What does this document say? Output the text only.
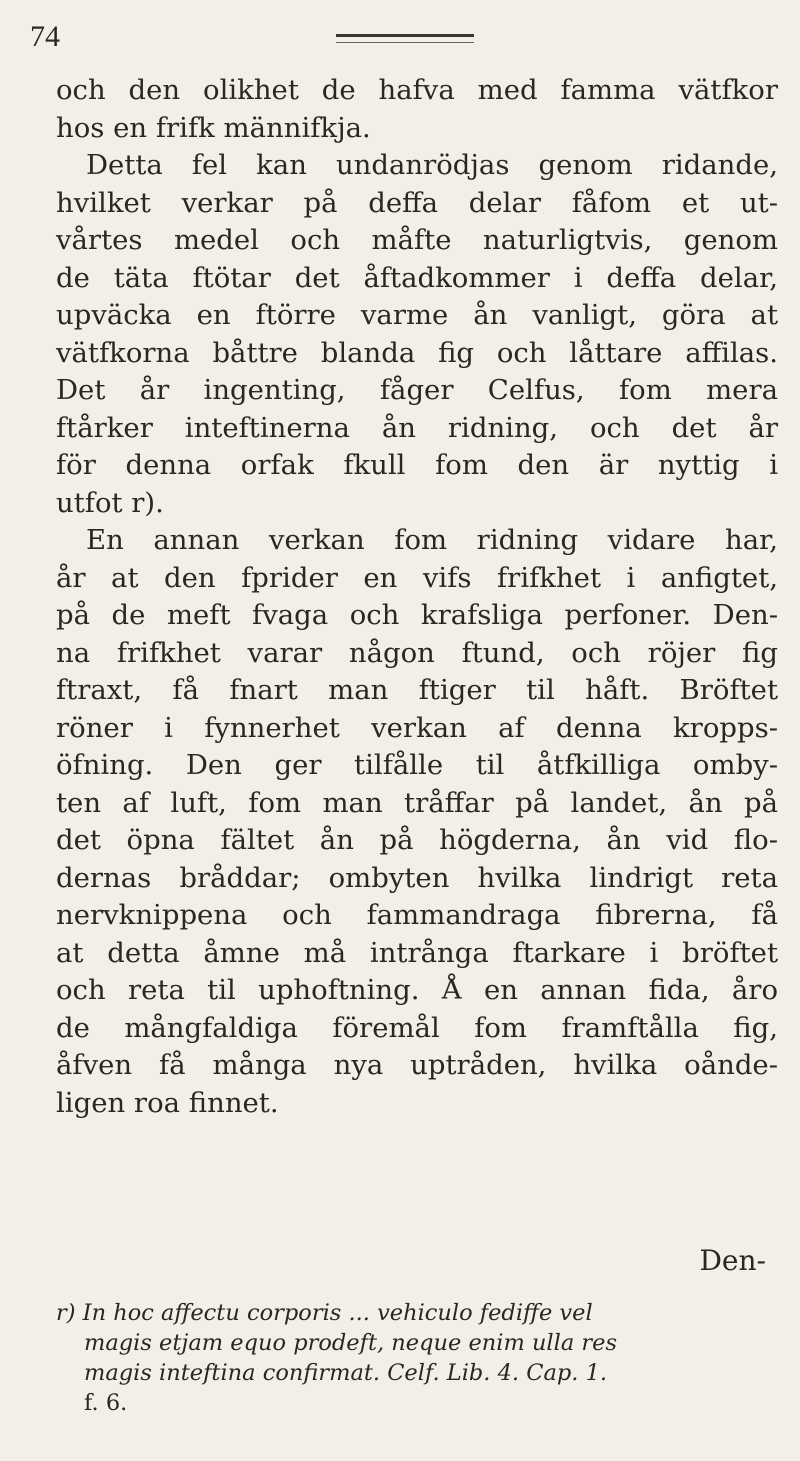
74
och den olikhet de hafva med famma vätfkor
hos en frifk männifkja.
Detta fel kan undanrödjas genom ridande,
hvilket verkar på deffa delar fåfom et ut-
vårtes medel och måfte naturligtvis, genom
de täta ftötar det åftadkommer i deffa delar,
upväcka en ftörre varme ån vanligt, göra at
vätfkorna båttre blanda fig och låttare affilas.
Det år ingenting, fåger Celfus, fom mera
ftårker inteftinerna ån ridning, och det år
för denna orfak fkull fom den är nyttig i
utfot r).
En annan verkan fom ridning vidare har,
år at den fprider en vifs frifkhet i anfigtet,
på de meft fvaga och krafsliga perfoner. Den-
na frifkhet varar någon ftund, och röjer fig
ftraxt, få fnart man ftiger til håft. Bröftet
röner i fynnerhet verkan af denna kropps-
öfning. Den ger tilfålle til åtfkilliga omby-
ten af luft, fom man tråffar på landet, ån på
det öpna fältet ån på högderna, ån vid flo-
dernas bråddar; ombyten hvilka lindrigt reta
nervknippena och fammandraga fibrerna, få
at detta åmne må intrånga ftarkare i bröftet
och reta til uphoftning. Å en annan fida, åro
de mångfaldiga föremål fom framftålla fig,
åfven få många nya uptråden, hvilka oånde-
ligen roa finnet.
Den-
r) In hoc affectu corporis ... vehiculo fediffe vel
magis etjam equo prodeft, neque enim ulla res
magis inteftina confirmat. Celf. Lib. 4. Cap. 1.
f. 6.
